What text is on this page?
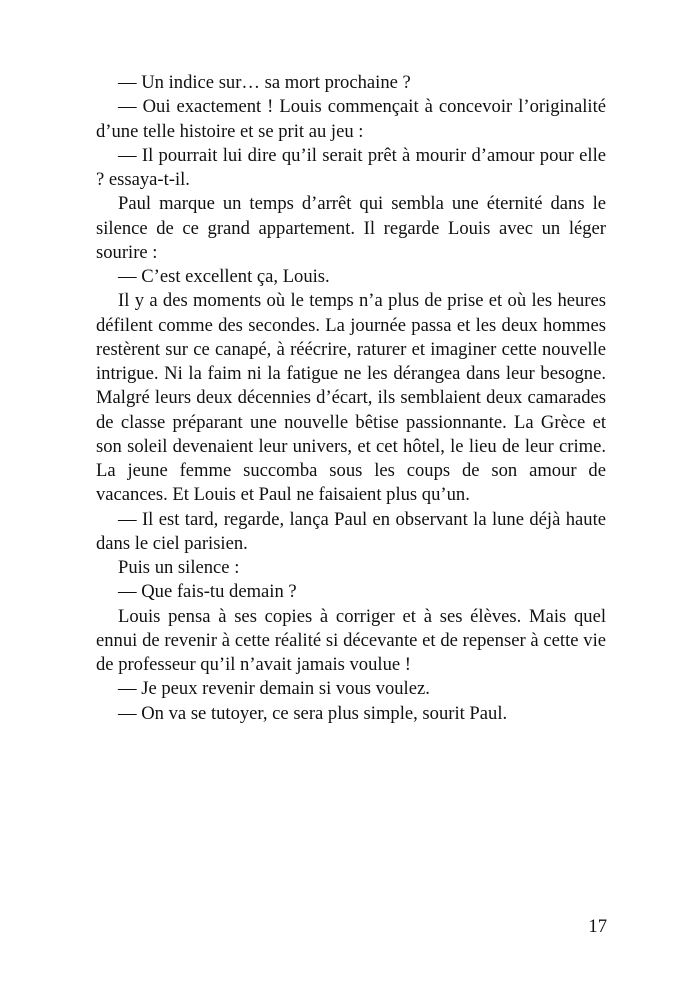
— Un indice sur… sa mort prochaine ?

— Oui exactement ! Louis commençait à concevoir l’originalité d’une telle histoire et se prit au jeu :

— Il pourrait lui dire qu’il serait prêt à mourir d’amour pour elle ? essaya-t-il.

Paul marque un temps d’arrêt qui sembla une éternité dans le silence de ce grand appartement. Il regarde Louis avec un léger sourire :

— C’est excellent ça, Louis.

Il y a des moments où le temps n’a plus de prise et où les heures défilent comme des secondes. La journée passa et les deux hommes restèrent sur ce canapé, à réécrire, raturer et imaginer cette nouvelle intrigue. Ni la faim ni la fatigue ne les dérangea dans leur besogne. Malgré leurs deux décennies d’écart, ils semblaient deux camarades de classe préparant une nouvelle bêtise passionnante. La Grèce et son soleil devenaient leur univers, et cet hôtel, le lieu de leur crime. La jeune femme succomba sous les coups de son amour de vacances. Et Louis et Paul ne faisaient plus qu’un.

— Il est tard, regarde, lança Paul en observant la lune déjà haute dans le ciel parisien.

Puis un silence :

— Que fais-tu demain ?

Louis pensa à ses copies à corriger et à ses élèves. Mais quel ennui de revenir à cette réalité si décevante et de repenser à cette vie de professeur qu’il n’avait jamais voulue !

— Je peux revenir demain si vous voulez.

— On va se tutoyer, ce sera plus simple, sourit Paul.

17
